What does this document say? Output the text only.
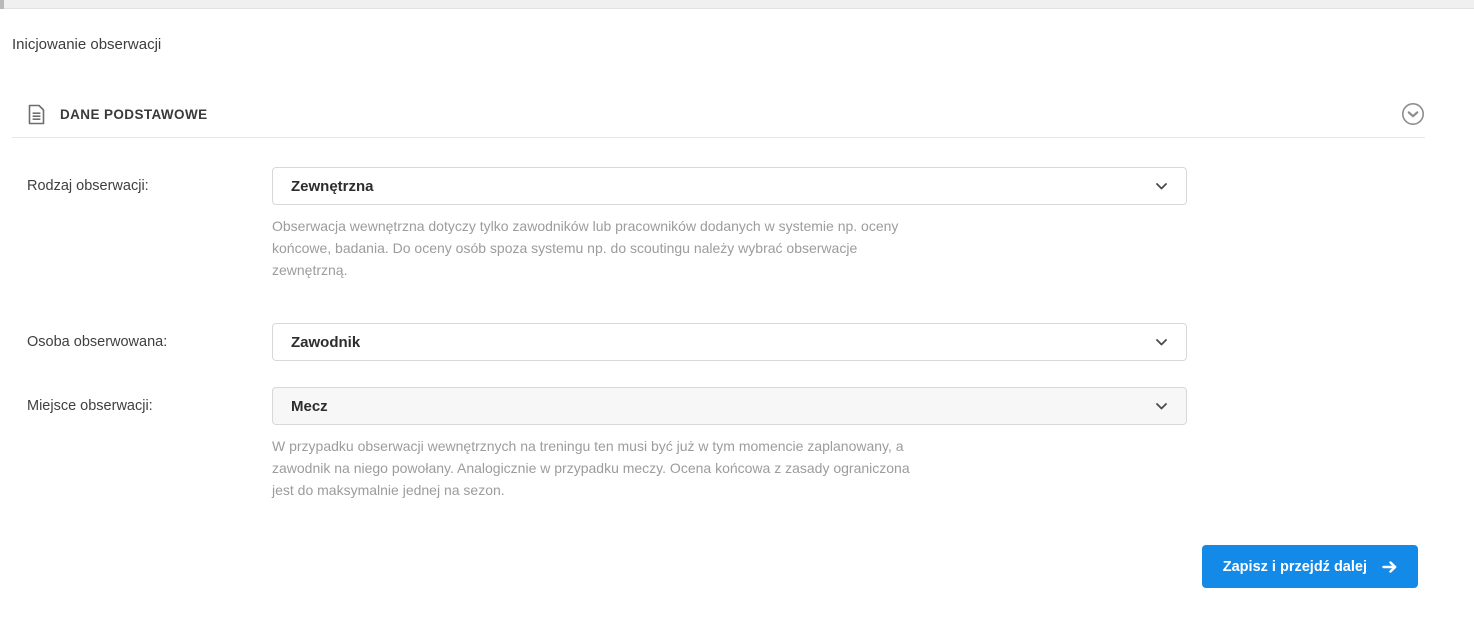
Inicjowanie obserwacji
DANE PODSTAWOWE
Rodzaj obserwacji:	Zewnętrzna
Obserwacja wewnętrzna dotyczy tylko zawodników lub pracowników dodanych w systemie np. oceny końcowe, badania. Do oceny osób spoza systemu np. do scoutingu należy wybrać obserwacje zewnętrzną.
Osoba obserwowana:	Zawodnik
Miejsce obserwacji:	Mecz
W przypadku obserwacji wewnętrznych na treningu ten musi być już w tym momencie zaplanowany, a zawodnik na niego powołany. Analogicznie w przypadku meczy. Ocena końcowa z zasady ograniczona jest do maksymalnie jednej na sezon.
Zapisz i przejdź dalej
